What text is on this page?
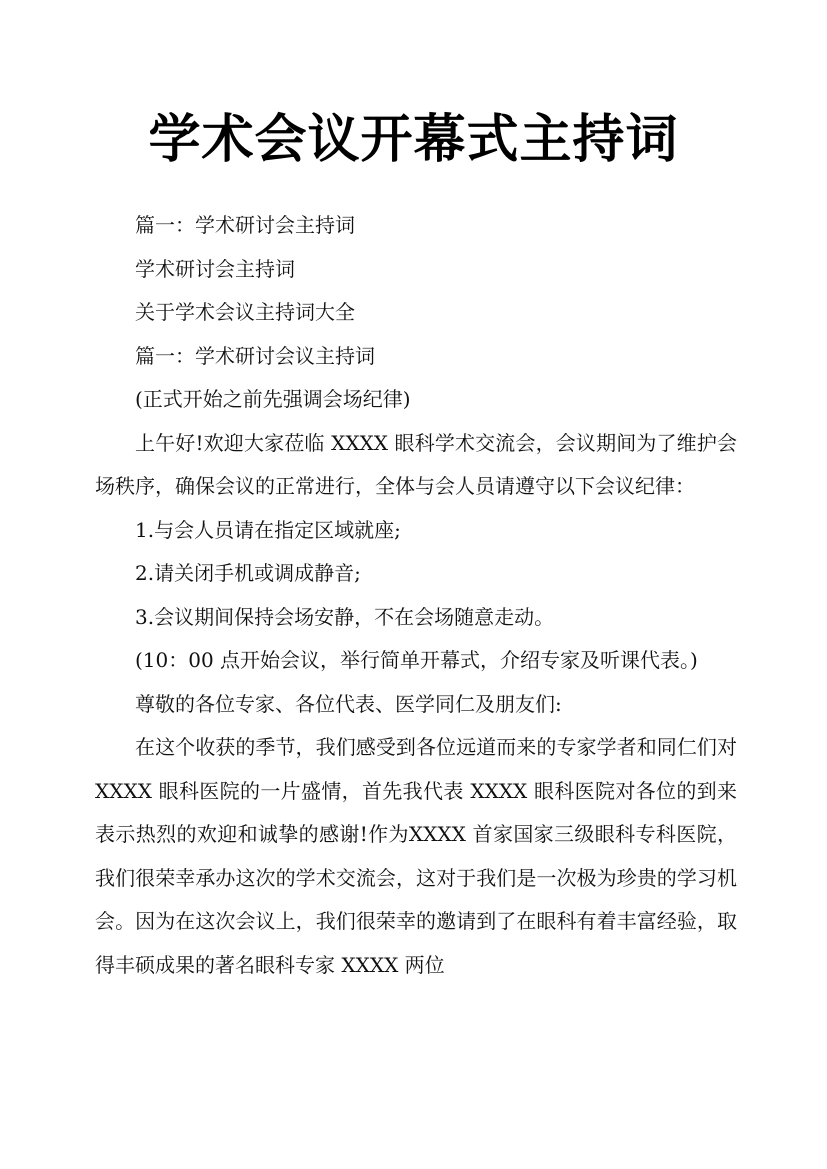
学术会议开幕式主持词

篇一：学术研讨会主持词

学术研讨会主持词

关于学术会议主持词大全

篇一：学术研讨会议主持词

(正式开始之前先强调会场纪律)

上午好!欢迎大家莅临 XXXX 眼科学术交流会，会议期间为了维护会场秩序，确保会议的正常进行，全体与会人员请遵守以下会议纪律：

1.与会人员请在指定区域就座;

2.请关闭手机或调成静音;

3.会议期间保持会场安静，不在会场随意走动。

(10：00 点开始会议，举行简单开幕式，介绍专家及听课代表。)

尊敬的各位专家、各位代表、医学同仁及朋友们:

在这个收获的季节，我们感受到各位远道而来的专家学者和同仁们对 XXXX 眼科医院的一片盛情，首先我代表 XXXX 眼科医院对各位的到来表示热烈的欢迎和诚挚的感谢!作为XXXX 首家国家三级眼科专科医院，我们很荣幸承办这次的学术交流会，这对于我们是一次极为珍贵的学习机会。因为在这次会议上，我们很荣幸的邀请到了在眼科有着丰富经验，取得丰硕成果的著名眼科专家 XXXX 两位
